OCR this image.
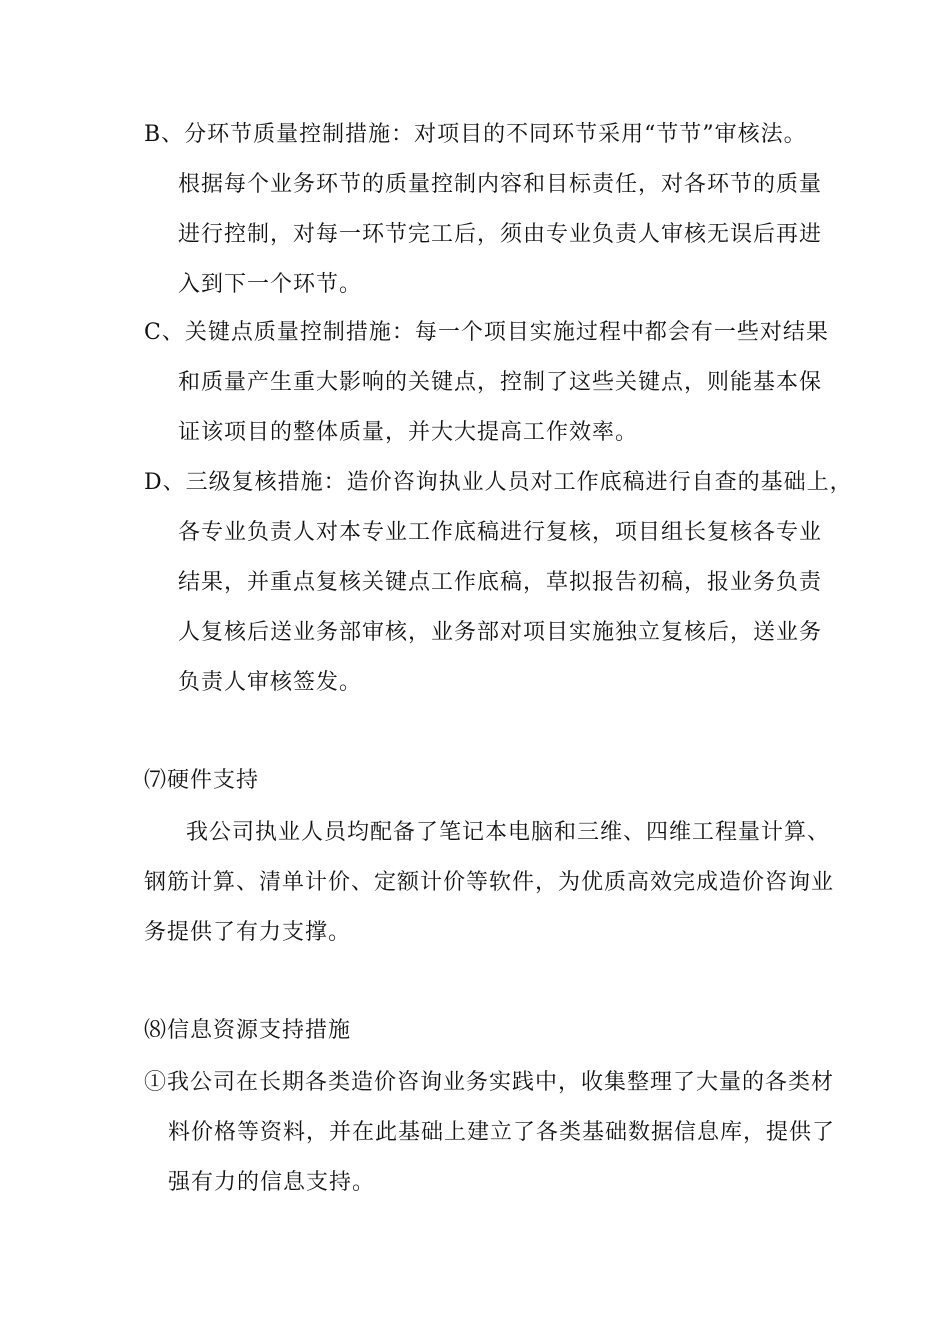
B、分环节质量控制措施：对项目的不同环节采用“节节”审核法。
根据每个业务环节的质量控制内容和目标责任，对各环节的质量
进行控制，对每一环节完工后，须由专业负责人审核无误后再进
入到下一个环节。
C、关键点质量控制措施：每一个项目实施过程中都会有一些对结果
和质量产生重大影响的关键点，控制了这些关键点，则能基本保
证该项目的整体质量，并大大提高工作效率。
D、三级复核措施：造价咨询执业人员对工作底稿进行自查的基础上，
各专业负责人对本专业工作底稿进行复核，项目组长复核各专业
结果，并重点复核关键点工作底稿，草拟报告初稿，报业务负责
人复核后送业务部审核，业务部对项目实施独立复核后，送业务
负责人审核签发。
⑺硬件支持
我公司执业人员均配备了笔记本电脑和三维、四维工程量计算、
钢筋计算、清单计价、定额计价等软件，为优质高效完成造价咨询业
务提供了有力支撑。
⑻信息资源支持措施
①我公司在长期各类造价咨询业务实践中，收集整理了大量的各类材
料价格等资料，并在此基础上建立了各类基础数据信息库，提供了
强有力的信息支持。
